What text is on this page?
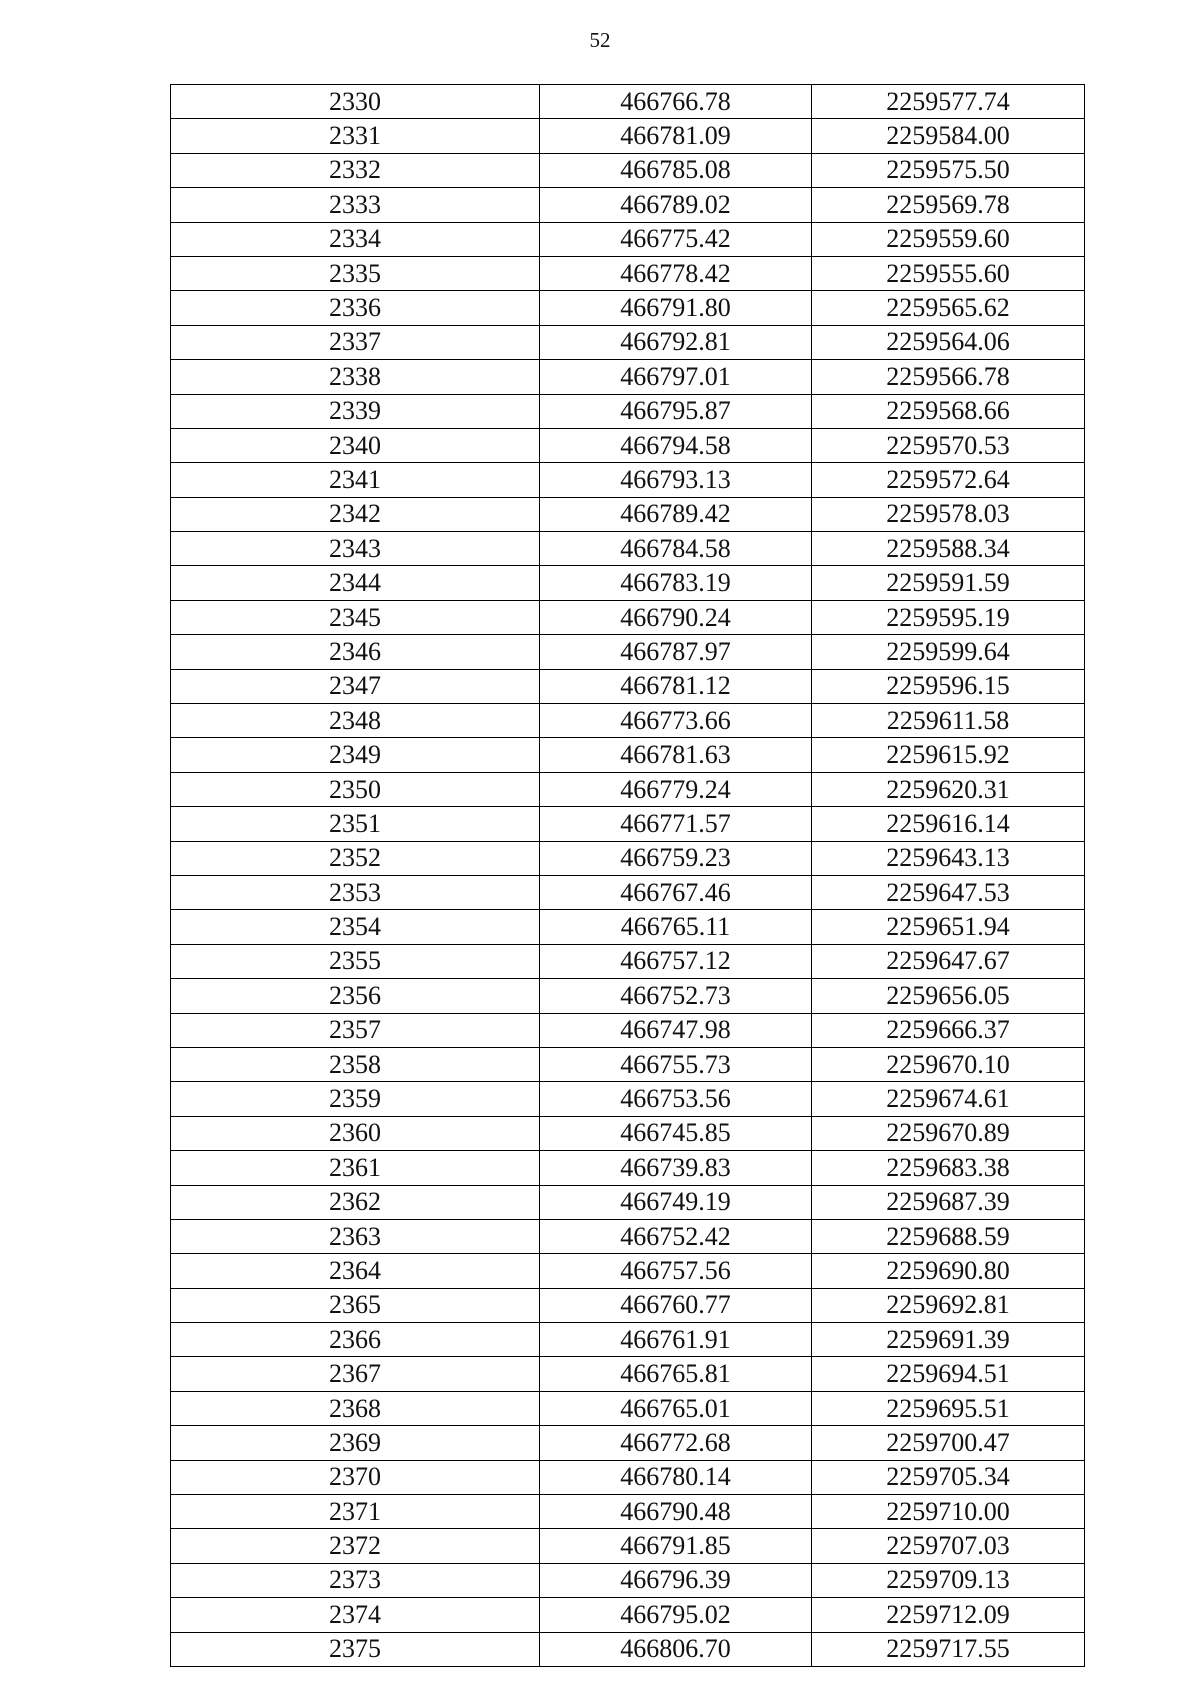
52
2330	466766.78	2259577.74
2331	466781.09	2259584.00
2332	466785.08	2259575.50
2333	466789.02	2259569.78
2334	466775.42	2259559.60
2335	466778.42	2259555.60
2336	466791.80	2259565.62
2337	466792.81	2259564.06
2338	466797.01	2259566.78
2339	466795.87	2259568.66
2340	466794.58	2259570.53
2341	466793.13	2259572.64
2342	466789.42	2259578.03
2343	466784.58	2259588.34
2344	466783.19	2259591.59
2345	466790.24	2259595.19
2346	466787.97	2259599.64
2347	466781.12	2259596.15
2348	466773.66	2259611.58
2349	466781.63	2259615.92
2350	466779.24	2259620.31
2351	466771.57	2259616.14
2352	466759.23	2259643.13
2353	466767.46	2259647.53
2354	466765.11	2259651.94
2355	466757.12	2259647.67
2356	466752.73	2259656.05
2357	466747.98	2259666.37
2358	466755.73	2259670.10
2359	466753.56	2259674.61
2360	466745.85	2259670.89
2361	466739.83	2259683.38
2362	466749.19	2259687.39
2363	466752.42	2259688.59
2364	466757.56	2259690.80
2365	466760.77	2259692.81
2366	466761.91	2259691.39
2367	466765.81	2259694.51
2368	466765.01	2259695.51
2369	466772.68	2259700.47
2370	466780.14	2259705.34
2371	466790.48	2259710.00
2372	466791.85	2259707.03
2373	466796.39	2259709.13
2374	466795.02	2259712.09
2375	466806.70	2259717.55
